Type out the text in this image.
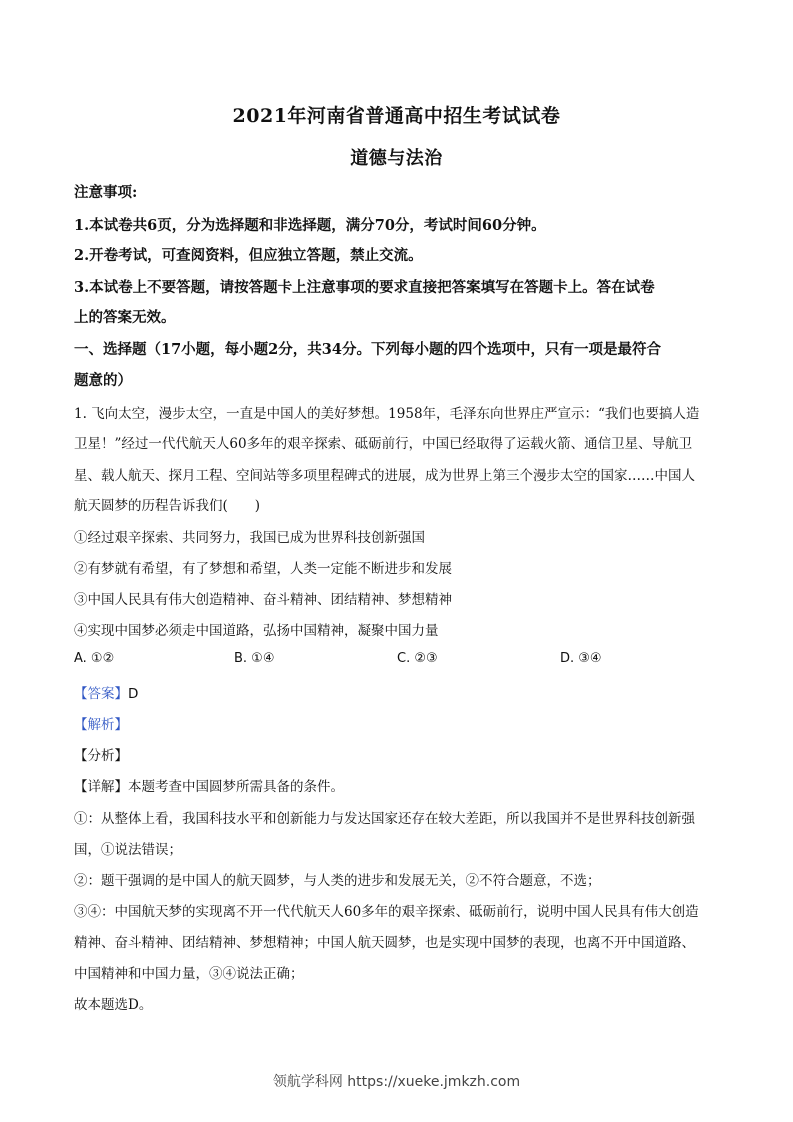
2021年河南省普通高中招生考试试卷
道德与法治
注意事项:
1.本试卷共6页，分为选择题和非选择题，满分70分，考试时间60分钟。
2.开卷考试，可查阅资料，但应独立答题，禁止交流。
3.本试卷上不要答题，请按答题卡上注意事项的要求直接把答案填写在答题卡上。答在试卷
上的答案无效。
一、选择题（17小题，每小题2分，共34分。下列每小题的四个选项中，只有一项是最符合
题意的）
1. 飞向太空，漫步太空，一直是中国人的美好梦想。1958年，毛泽东向世界庄严宣示：“我们也要搞人造
卫星！”经过一代代航天人60多年的艰辛探索、砥砺前行，中国已经取得了运载火箭、通信卫星、导航卫
星、载人航天、探月工程、空间站等多项里程碑式的进展，成为世界上第三个漫步太空的国家……中国人
航天圆梦的历程告诉我们(　　)
①经过艰辛探索、共同努力，我国已成为世界科技创新强国
②有梦就有希望，有了梦想和希望，人类一定能不断进步和发展
③中国人民具有伟大创造精神、奋斗精神、团结精神、梦想精神
④实现中国梦必须走中国道路，弘扬中国精神，凝聚中国力量
A. ①②	B. ①④	C. ②③	D. ③④
【答案】D
【解析】
【分析】
【详解】本题考查中国圆梦所需具备的条件。
①：从整体上看，我国科技水平和创新能力与发达国家还存在较大差距，所以我国并不是世界科技创新强
国，①说法错误；
②：题干强调的是中国人的航天圆梦，与人类的进步和发展无关，②不符合题意，不选；
③④：中国航天梦的实现离不开一代代航天人60多年的艰辛探索、砥砺前行，说明中国人民具有伟大创造
精神、奋斗精神、团结精神、梦想精神；中国人航天圆梦，也是实现中国梦的表现，也离不开中国道路、
中国精神和中国力量，③④说法正确；
故本题选D。
领航学科网 https://xueke.jmkzh.com
